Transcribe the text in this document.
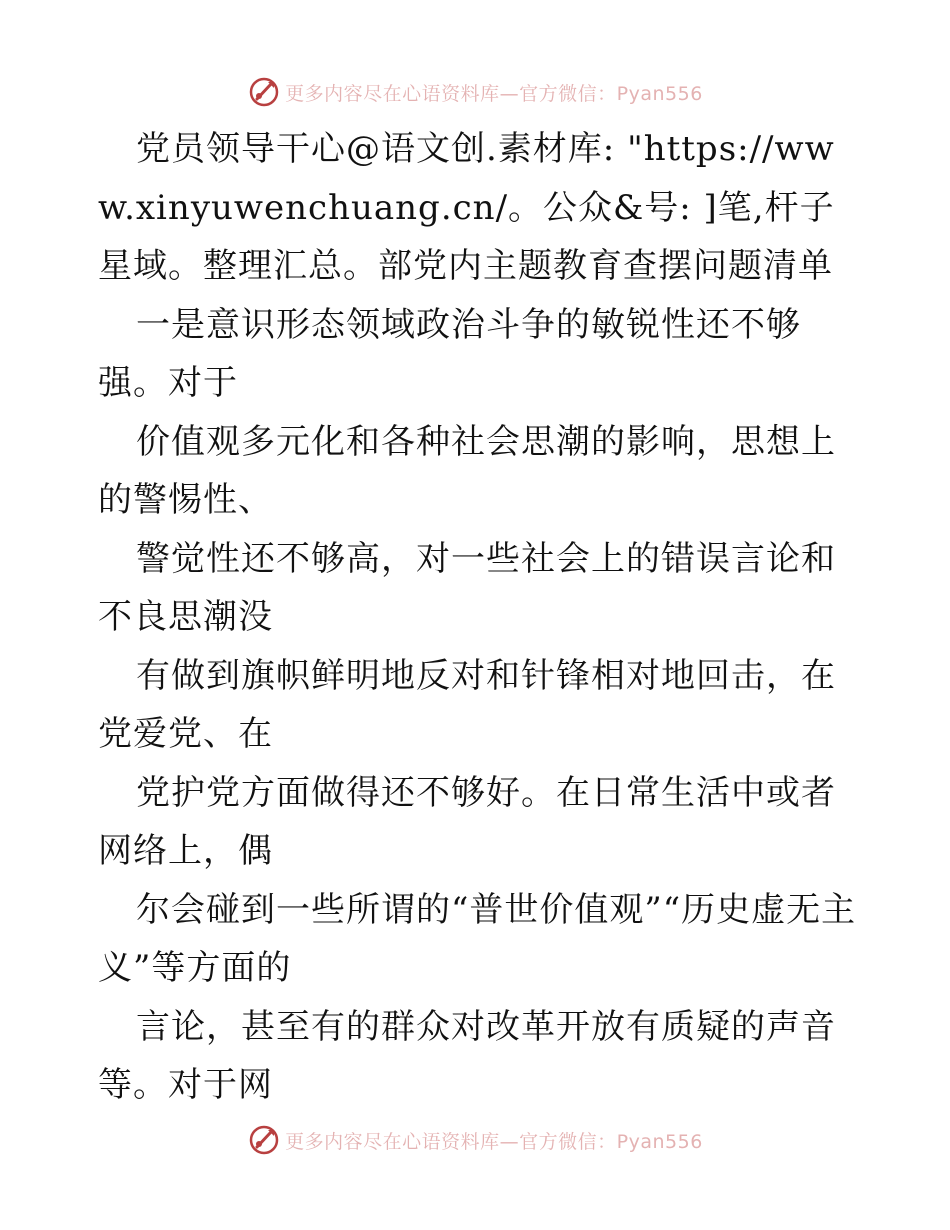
更多内容尽在心语资料库—官方微信：Pyan556

党员领导干心@语文创.素材库: "https://www.xinyuwenchuang.cn/。公众&号: ]笔,杆子星域。整理汇总。部党内主题教育查摆问题清单

一是意识形态领域政治斗争的敏锐性还不够强。对于

价值观多元化和各种社会思潮的影响，思想上的警惕性、

警觉性还不够高，对一些社会上的错误言论和不良思潮没

有做到旗帜鲜明地反对和针锋相对地回击，在党爱党、在

党护党方面做得还不够好。在日常生活中或者网络上，偶

尔会碰到一些所谓的“普世价值观”“历史虚无主义”等方面的

言论，甚至有的群众对改革开放有质疑的声音等。对于网

更多内容尽在心语资料库—官方微信：Pyan556
